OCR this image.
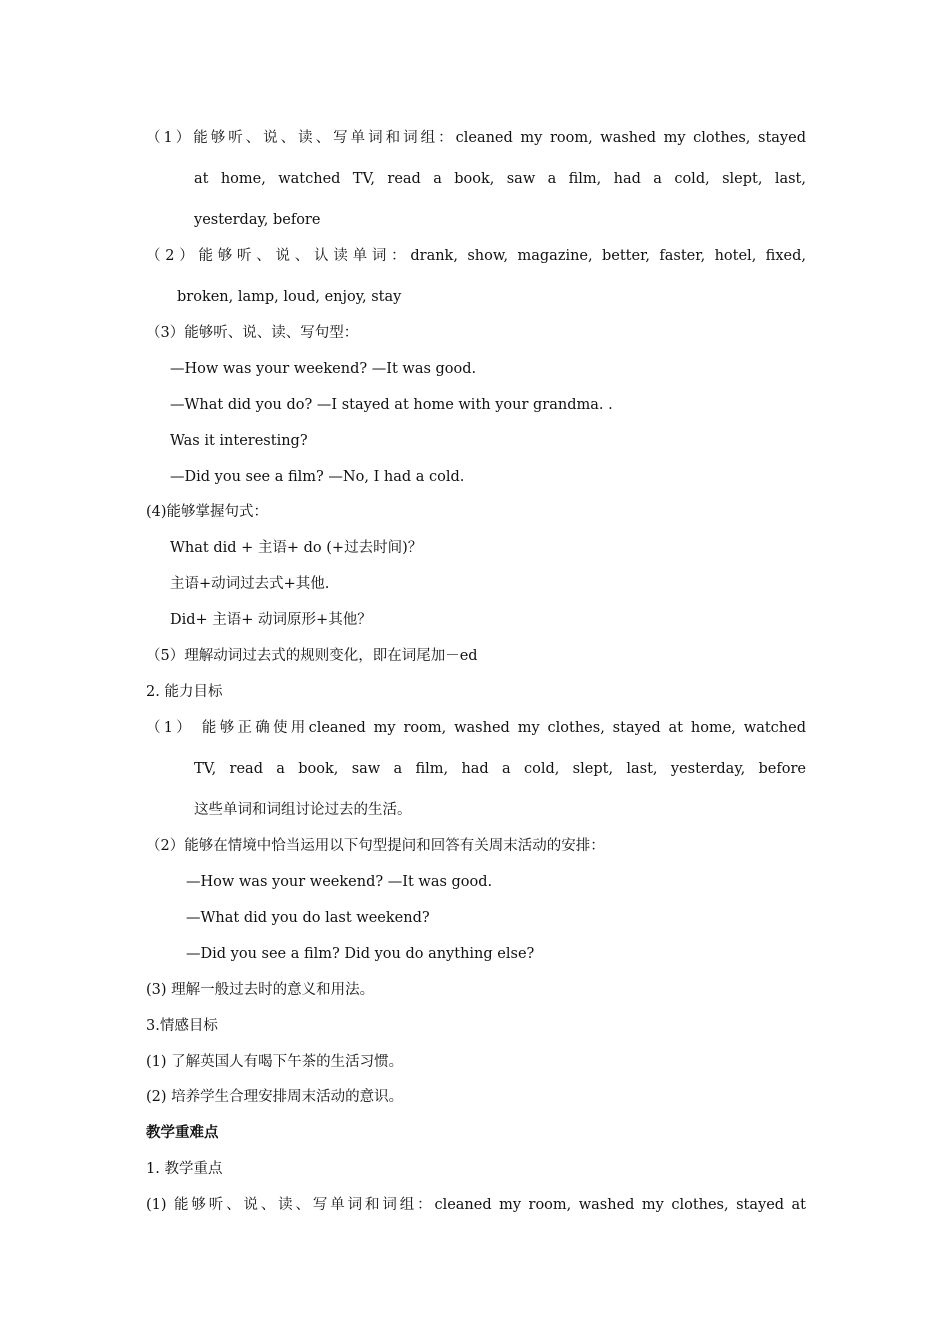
（1）能够听、说、读、写单词和词组：cleaned my room, washed my clothes, stayed
at home, watched TV, read a book, saw a film, had a cold, slept, last,
yesterday, before
（2）能够听、说、认读单词：drank, show, magazine, better, faster, hotel, fixed,
broken, lamp, loud, enjoy, stay
（3）能够听、说、读、写句型：
—How was your weekend? —It was good.
—What did you do? —I stayed at home with your grandma. .
Was it interesting?
—Did you see a film? —No, I had a cold.
(4)能够掌握句式：
What did + 主语+ do (+过去时间)？
主语+动词过去式+其他.
Did+ 主语+ 动词原形+其他？
（5）理解动词过去式的规则变化，即在词尾加－ed
2. 能力目标
（1） 能够正确使用cleaned my room, washed my clothes, stayed at home, watched
TV, read a book, saw a film, had a cold, slept, last, yesterday, before
这些单词和词组讨论过去的生活。
（2）能够在情境中恰当运用以下句型提问和回答有关周末活动的安排：
—How was your weekend? —It was good.
—What did you do last weekend?
—Did you see a film? Did you do anything else?
(3) 理解一般过去时的意义和用法。
3.情感目标
(1) 了解英国人有喝下午茶的生活习惯。
(2) 培养学生合理安排周末活动的意识。
教学重难点
1. 教学重点
(1) 能够听、说、读、写单词和词组：cleaned my room, washed my clothes, stayed at
